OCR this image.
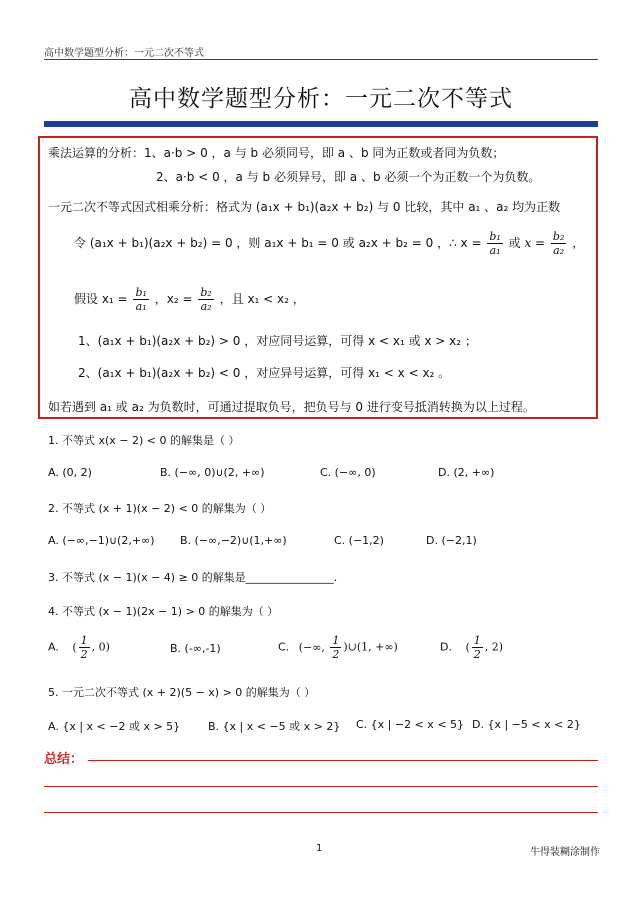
高中数学题型分析：一元二次不等式
高中数学题型分析：一元二次不等式
乘法运算的分析：1、a·b > 0 ，a 与 b 必须同号，即 a 、b 同为正数或者同为负数；
2、a·b < 0 ，a 与 b 必须异号，即 a 、b 必须一个为正数一个为负数。
一元二次不等式因式相乘分析：格式为 (a₁x + b₁)(a₂x + b₂) 与 0 比较，其中 a₁ 、a₂ 均为正数
令 (a₁x + b₁)(a₂x + b₂) = 0 ，则 a₁x + b₁ = 0 或 a₂x + b₂ = 0 ，∴ $x = \frac{\text{b₁}}{\text{a₁}}$ 或 $x = \frac{\text{b₂}}{\text{a₂}}$ ，
假设 $x_1 = \frac{\text{b₁}}{\text{a₁}}$ ，$x_2 = \frac{\text{b₂}}{\text{a₂}}$ ，且 x₁ < x₂ ，
1、(a₁x + b₁)(a₂x + b₂) > 0 ，对应同号运算，可得 x < x₁ 或 x > x₂ ；
2、(a₁x + b₁)(a₂x + b₂) < 0 ，对应异号运算，可得 x₁ < x < x₂ 。
如若遇到 a₁ 或 a₂ 为负数时，可通过提取负号，把负号与 0 进行变号抵消转换为以上过程。
1. 不等式 x(x − 2) < 0 的解集是（ ）
A. (0, 2)	B. (−∞, 0)∪(2, +∞)	C. (−∞, 0)	D. (2, +∞)
2. 不等式 (x + 1)(x − 2) < 0 的解集为（ ）
A. (−∞,−1)∪(2,+∞) B. (−∞,−2)∪(1,+∞)	C. (−1,2)	D. (−2,1)
3. 不等式 (x − 1)(x − 4) ≥ 0 的解集是________________.
4. 不等式 (x − 1)(2x − 1) > 0 的解集为（ ）
A. ( $\frac{1}{2}$ , 0)	B. (-∞,-1)	C. (−∞, $\frac{1}{2}$ )∪(1, +∞)	D. ( $\frac{1}{2}$ , 2)
5. 一元二次不等式 (x + 2)(5 − x) > 0 的解集为（ ）
A. {x | x < −2 或 x > 5}	B. {x | x < −5 或 x > 2} C. {x | −2 < x < 5} D. {x | −5 < x < 2}
总结：
1	牛得装糊涂制作
